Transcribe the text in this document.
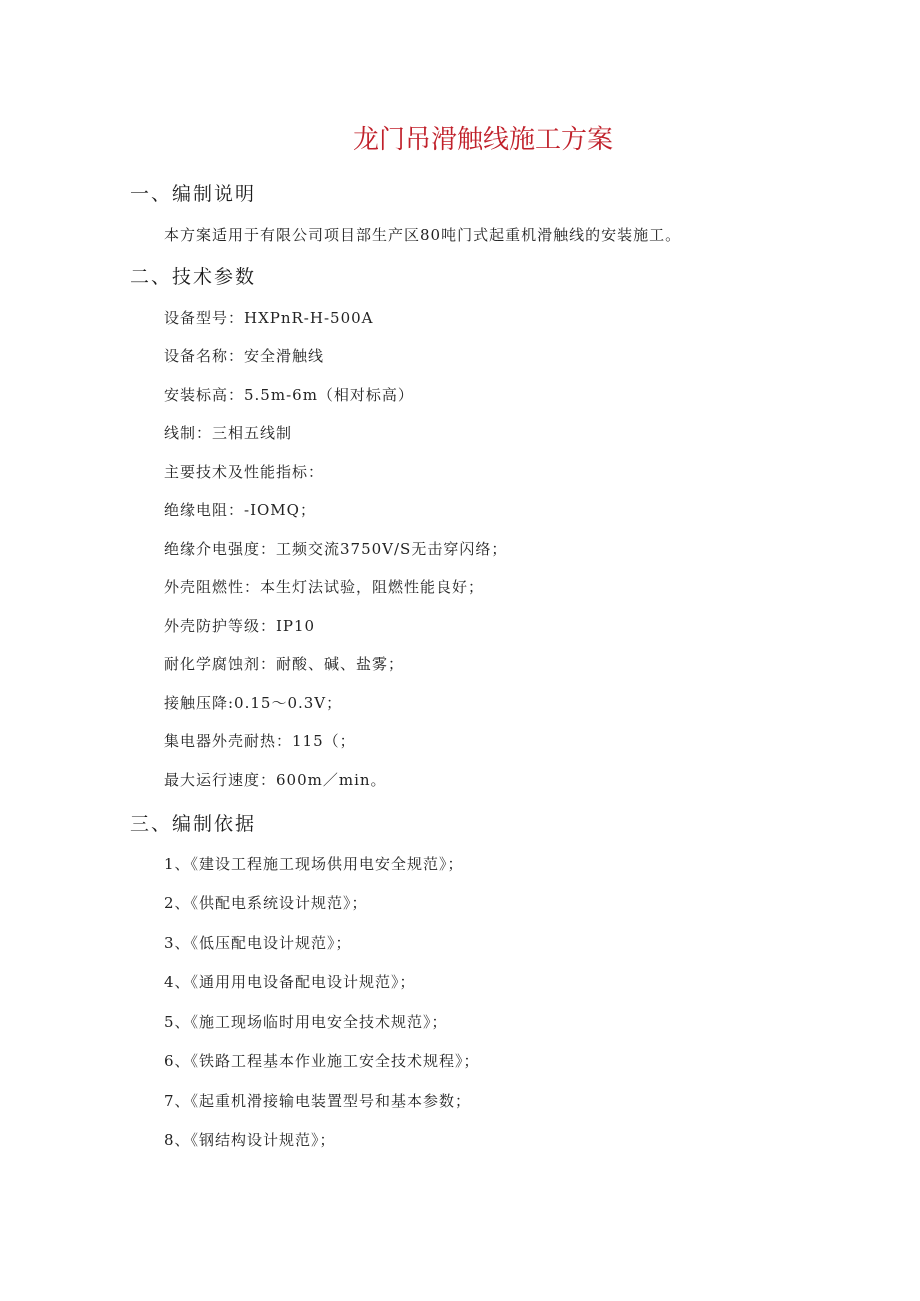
龙门吊滑触线施工方案
一、编制说明
本方案适用于有限公司项目部生产区80吨门式起重机滑触线的安装施工。
二、技术参数
设备型号：HXPnR-H-500A
设备名称：安全滑触线
安装标高：5.5m-6m（相对标高）
线制：三相五线制
主要技术及性能指标：
绝缘电阻：-IOMQ；
绝缘介电强度：工频交流3750V/S无击穿闪络；
外壳阻燃性：本生灯法试验，阻燃性能良好；
外壳防护等级：IP10
耐化学腐蚀剂：耐酸、碱、盐雾；
接触压降:0.15～0.3V；
集电器外壳耐热：115（；
最大运行速度：600m／min。
三、编制依据
1、《建设工程施工现场供用电安全规范》；
2、《供配电系统设计规范》；
3、《低压配电设计规范》；
4、《通用用电设备配电设计规范》；
5、《施工现场临时用电安全技术规范》；
6、《铁路工程基本作业施工安全技术规程》；
7、《起重机滑接输电装置型号和基本参数；
8、《钢结构设计规范》；
